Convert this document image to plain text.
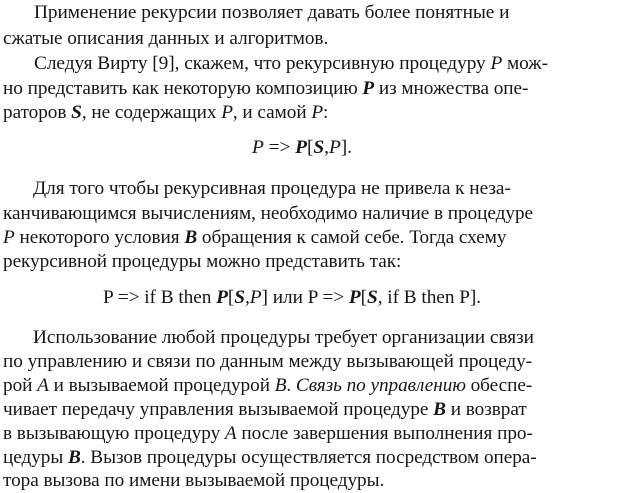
Применение рекурсии позволяет давать более понятные и
сжатые описания данных и алгоритмов.
Следуя Вирту [9], скажем, что рекурсивную процедуру P мож-
но представить как некоторую композицию P из множества опе-
раторов S, не содержащих P, и самой P:
P => P[S,P].
Для того чтобы рекурсивная процедура не привела к неза-
канчивающимся вычислениям, необходимо наличие в процедуре
P некоторого условия B обращения к самой себе. Тогда схему
рекурсивной процедуры можно представить так:
P => if B then P[S,P] или P => P[S, if B then P].
Использование любой процедуры требует организации связи
по управлению и связи по данным между вызывающей процеду-
рой A и вызываемой процедурой B. Связь по управлению обеспе-
чивает передачу управления вызываемой процедуре B и возврат
в вызывающую процедуру A после завершения выполнения про-
цедуры B. Вызов процедуры осуществляется посредством опера-
тора вызова по имени вызываемой процедуры.
